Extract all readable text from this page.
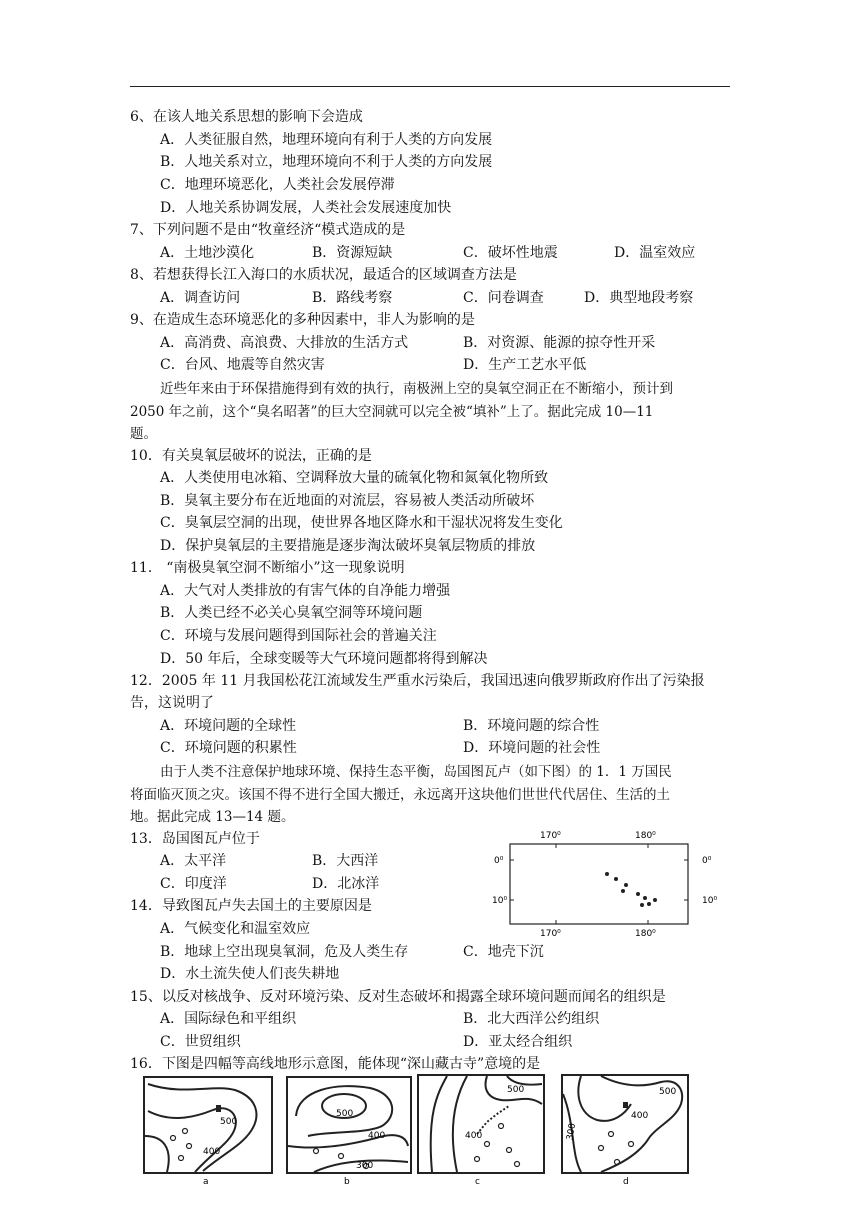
6、在该人地关系思想的影响下会造成
A．人类征服自然，地理环境向有利于人类的方向发展
B．人地关系对立，地理环境向不利于人类的方向发展
C．地理环境恶化，人类社会发展停滞
D．人地关系协调发展，人类社会发展速度加快
7、下列问题不是由“牧童经济“模式造成的是
A．土地沙漠化	B．资源短缺	C．破坏性地震	D．温室效应
8、若想获得长江入海口的水质状况，最适合的区域调查方法是
A．调查访问	B．路线考察	C．问卷调查	D．典型地段考察
9、在造成生态环境恶化的多种因素中，非人为影响的是
A．高消费、高浪费、大排放的生活方式	B．对资源、能源的掠夺性开采
C．台风、地震等自然灾害	D．生产工艺水平低
近些年来由于环保措施得到有效的执行，南极洲上空的臭氧空洞正在不断缩小，预计到
2050 年之前，这个“臭名昭著”的巨大空洞就可以完全被“填补”上了。据此完成 10—11
题。
10．有关臭氧层破坏的说法，正确的是
A．人类使用电冰箱、空调释放大量的硫氧化物和氮氧化物所致
B．臭氧主要分布在近地面的对流层，容易被人类活动所破坏
C．臭氧层空洞的出现，使世界各地区降水和干湿状况将发生变化
D．保护臭氧层的主要措施是逐步淘汰破坏臭氧层物质的排放
11． “南极臭氧空洞不断缩小”这一现象说明
A．大气对人类排放的有害气体的自净能力增强
B．人类已经不必关心臭氧空洞等环境问题
C．环境与发展问题得到国际社会的普遍关注
D．50 年后，全球变暖等大气环境问题都将得到解决
12．2005 年 11 月我国松花江流域发生严重水污染后，我国迅速向俄罗斯政府作出了污染报
告，这说明了
A．环境问题的全球性	B．环境问题的综合性
C．环境问题的积累性	D．环境问题的社会性
由于人类不注意保护地球环境、保持生态平衡，岛国图瓦卢（如下图）的 1．1 万国民
将面临灭顶之灾。该国不得不进行全国大搬迁，永远离开这块他们世世代代居住、生活的土
地。据此完成 13—14 题。
13．岛国图瓦卢位于
A．太平洋	B．大西洋
C．印度洋	D．北冰洋
14．导致图瓦卢失去国土的主要原因是
A．气候变化和温室效应
B．地球上空出现臭氧洞，危及人类生存	C．地壳下沉
D．水土流失使人们丧失耕地
15、以反对核战争、反对环境污染、反对生态破坏和揭露全球环境问题而闻名的组织是
A．国际绿色和平组织	B．北大西洋公约组织
C．世贸组织	D．亚太经合组织
16．下图是四幅等高线地形示意图，能体现“深山藏古寺”意境的是
170⁰	180⁰
0⁰	0⁰
10⁰	10⁰
170⁰	180⁰
500
400
a
500
400
300
b
400
500
c
500
400
300
d
